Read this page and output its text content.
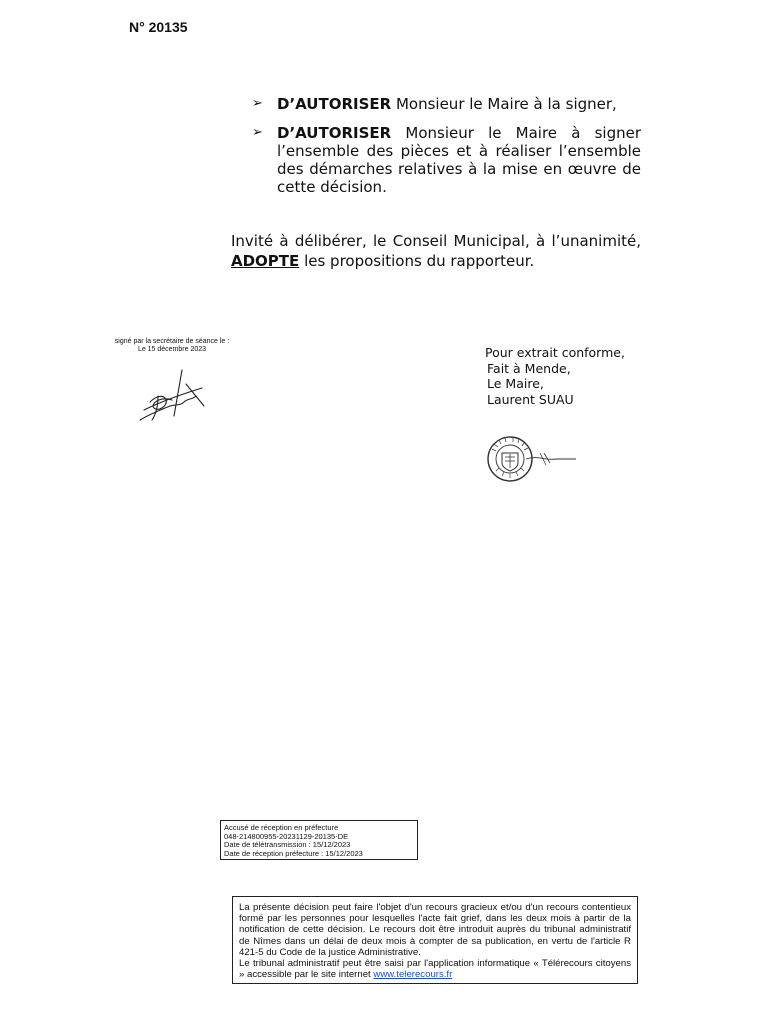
N° 20135
➢ D’AUTORISER Monsieur le Maire à la signer,
➢ D’AUTORISER Monsieur le Maire à signer l’ensemble des pièces et à réaliser l’ensemble des démarches relatives à la mise en œuvre de cette décision.
Invité à délibérer, le Conseil Municipal, à l’unanimité, ADOPTE les propositions du rapporteur.
signé par la secrétaire de séance le :
Le 15 décembre 2023	Pour extrait conforme,
Fait à Mende,
Le Maire,
Laurent SUAU
Accusé de réception en préfecture
048-214800955-20231129-20135-DE
Date de télétransmission : 15/12/2023
Date de réception préfecture : 15/12/2023
La présente décision peut faire l'objet d'un recours gracieux et/ou d'un recours contentieux formé par les personnes pour lesquelles l'acte fait grief, dans les deux mois à partir de la notification de cette décision. Le recours doit être introduit auprès du tribunal administratif de Nîmes dans un délai de deux mois à compter de sa publication, en vertu de l'article R 421-5 du Code de la justice Administrative.
Le tribunal administratif peut être saisi par l'application informatique « Télérecours citoyens » accessible par le site internet www.telerecours.fr
